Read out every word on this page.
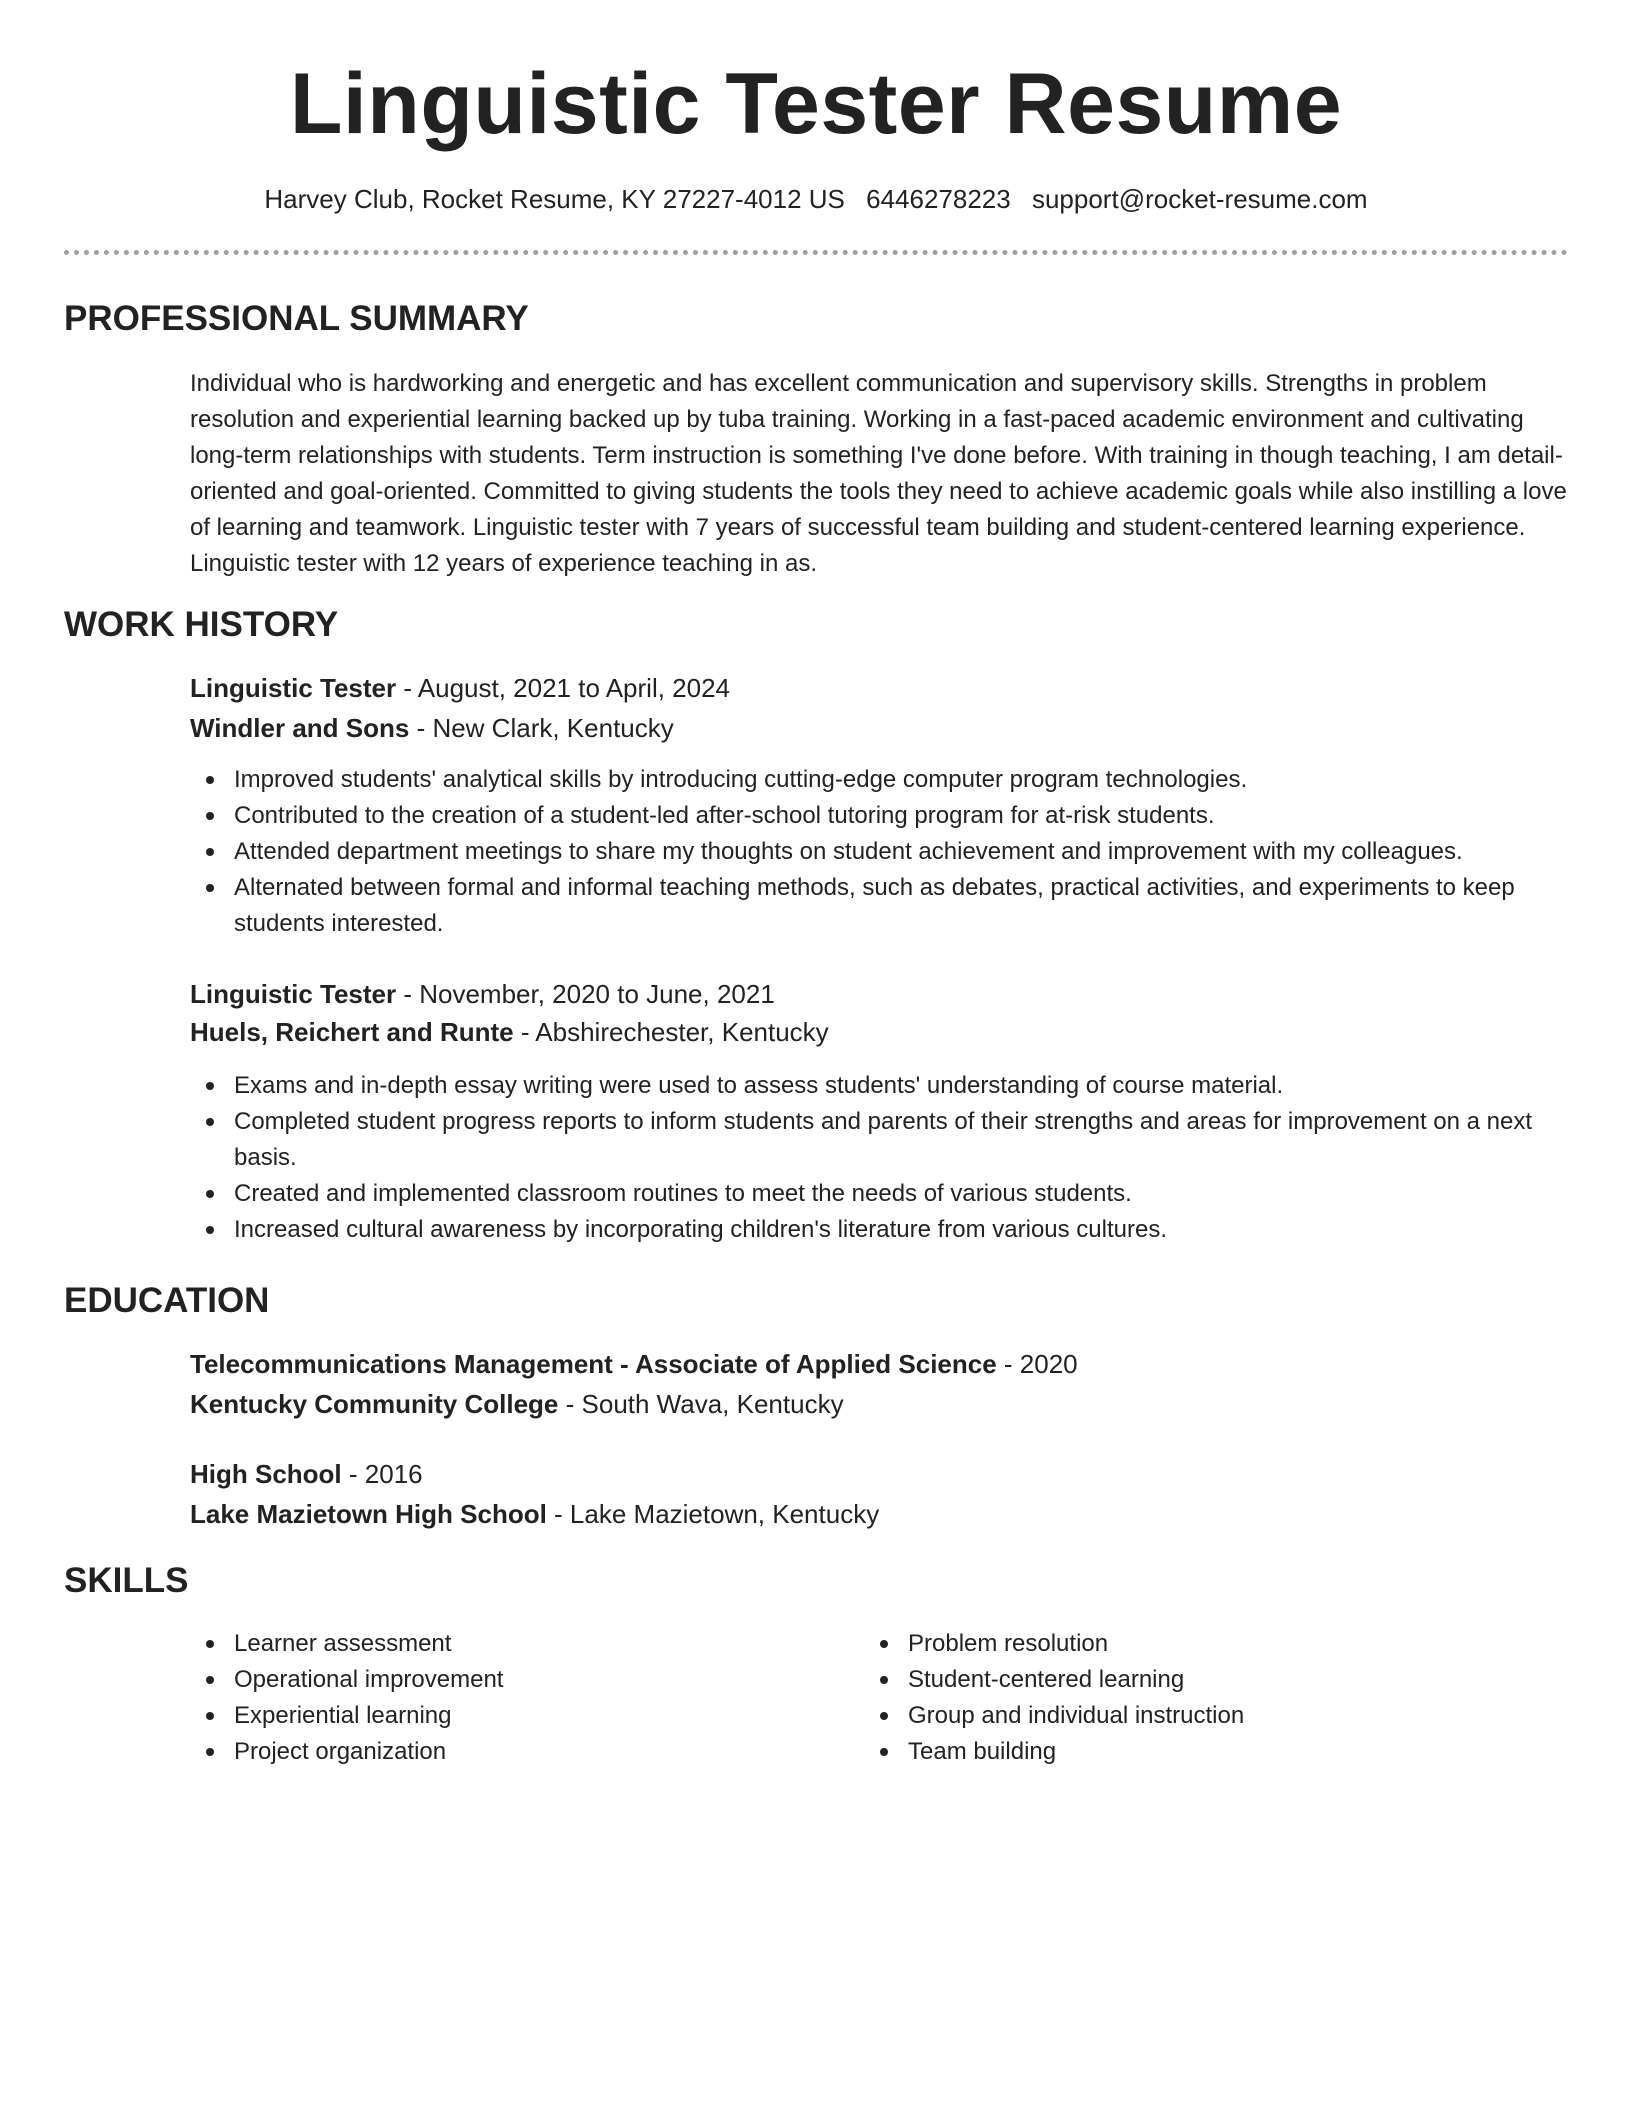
Linguistic Tester Resume
Harvey Club, Rocket Resume, KY 27227-4012 US 6446278223 support@rocket-resume.com
PROFESSIONAL SUMMARY

Individual who is hardworking and energetic and has excellent communication and supervisory skills. Strengths in problem resolution and experiential learning backed up by tuba training. Working in a fast-paced academic environment and cultivating long-term relationships with students. Term instruction is something I've done before. With training in though teaching, I am detail-oriented and goal-oriented. Committed to giving students the tools they need to achieve academic goals while also instilling a love of learning and teamwork. Linguistic tester with 7 years of successful team building and student-centered learning experience. Linguistic tester with 12 years of experience teaching in as.

WORK HISTORY
Linguistic Tester - August, 2021 to April, 2024
Windler and Sons - New Clark, Kentucky
Improved students' analytical skills by introducing cutting-edge computer program technologies.
Contributed to the creation of a student-led after-school tutoring program for at-risk students.
Attended department meetings to share my thoughts on student achievement and improvement with my colleagues.
Alternated between formal and informal teaching methods, such as debates, practical activities, and experiments to keep students interested.
Linguistic Tester - November, 2020 to June, 2021
Huels, Reichert and Runte - Abshirechester, Kentucky
Exams and in-depth essay writing were used to assess students' understanding of course material.
Completed student progress reports to inform students and parents of their strengths and areas for improvement on a next basis.
Created and implemented classroom routines to meet the needs of various students.
Increased cultural awareness by incorporating children's literature from various cultures.
EDUCATION
Telecommunications Management - Associate of Applied Science - 2020
Kentucky Community College - South Wava, Kentucky
High School - 2016
Lake Mazietown High School - Lake Mazietown, Kentucky
SKILLS
Learner assessment
Operational improvement
Experiential learning
Project organization
Problem resolution
Student-centered learning
Group and individual instruction
Team building
